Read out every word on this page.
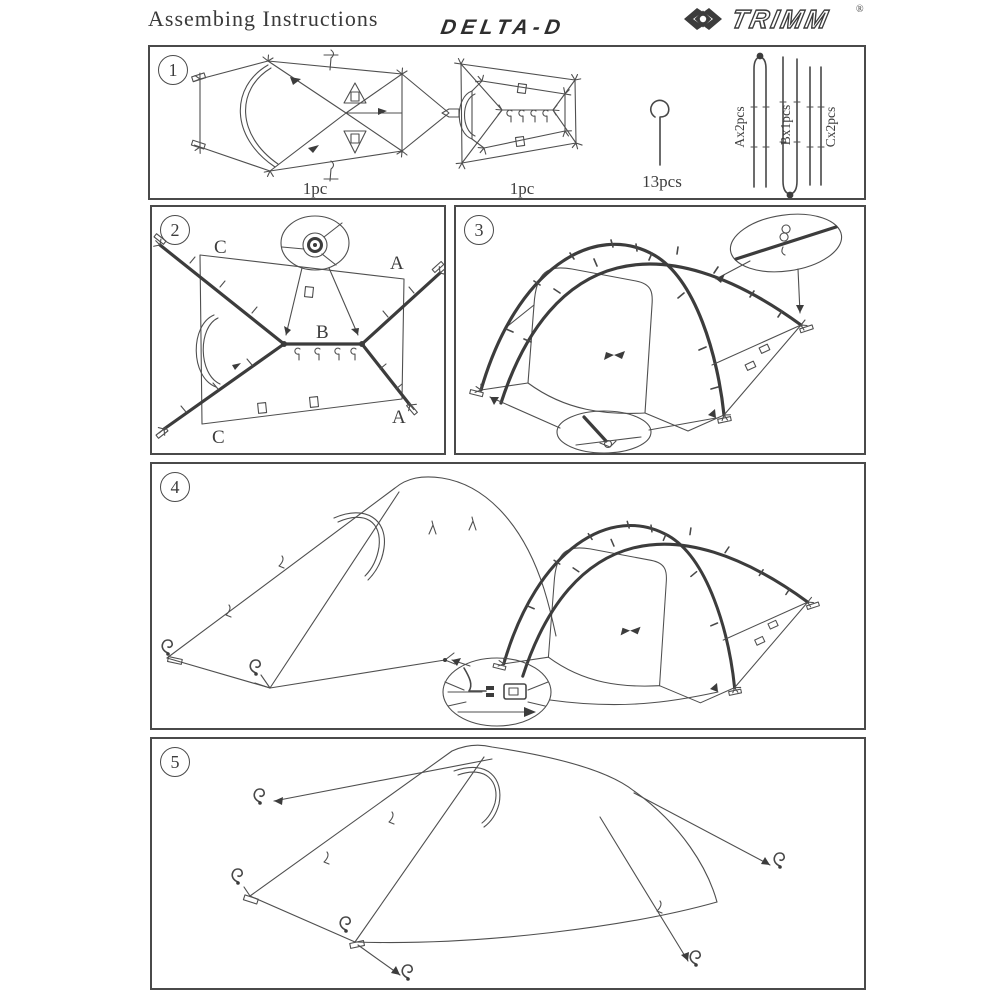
Assembing Instructions	DELTA-D	TRIMM ®
1
1pc	1pc	13pcs
Ax2pcs Bx1pcs Cx2pcs
2
C
A
B
A
C
3
4
5
